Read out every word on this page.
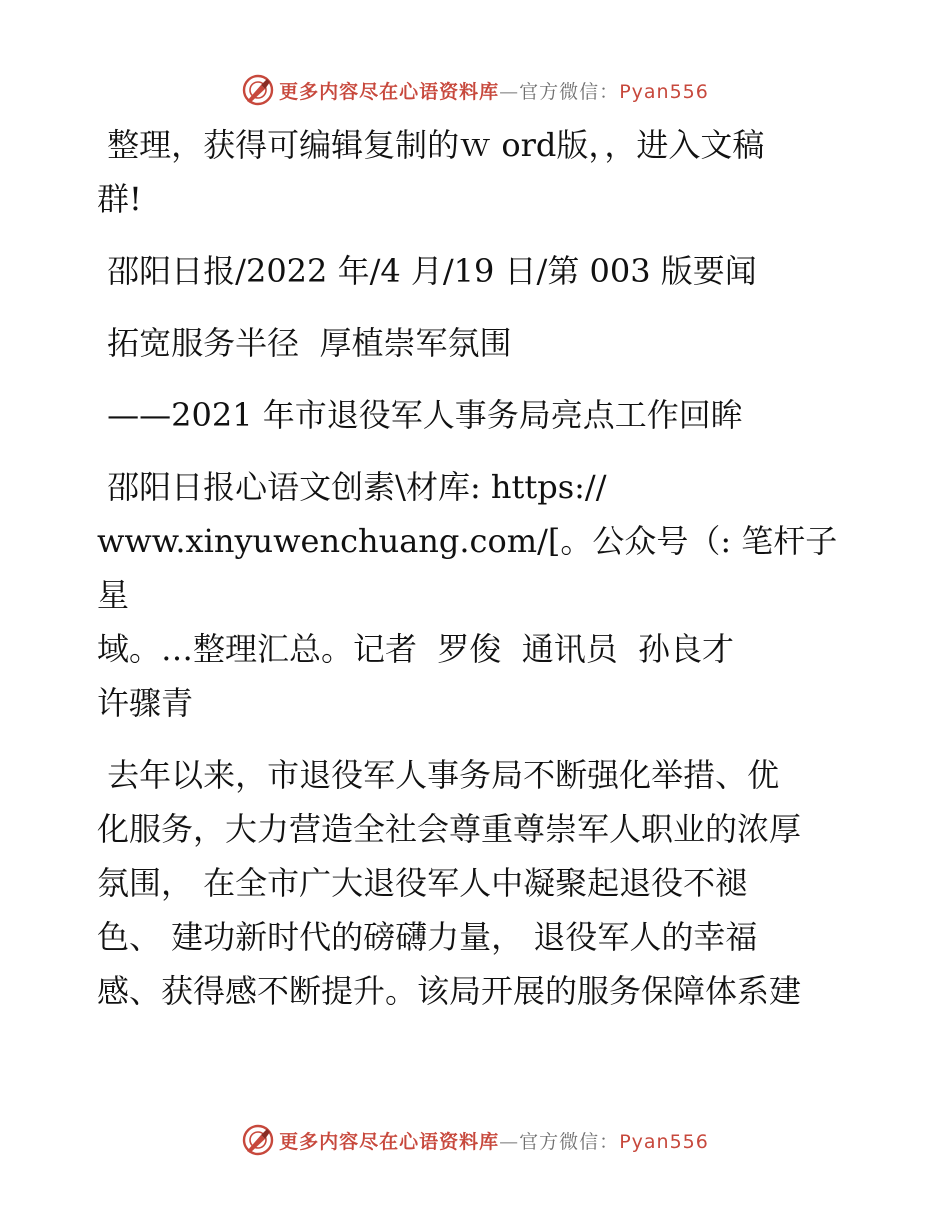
更多内容尽在心语资料库—官方微信：Pyan556

整理，获得可编辑复制的ｗ ord版，，进入文稿
群!

邵阳日报/2022 年/4 月/19 日/第 003 版要闻

拓宽服务半径  厚植崇军氛围

——2021 年市退役军人事务局亮点工作回眸

邵阳日报心语文创素\材库: https://
www.xinyuwenchuang.com/[。公众号（: 笔杆子星
域。…整理汇总。记者  罗俊  通讯员  孙良才
许骤青

去年以来，市退役军人事务局不断强化举措、优
化服务，大力营造全社会尊重尊崇军人职业的浓厚
氛围， 在全市广大退役军人中凝聚起退役不褪
色、 建功新时代的磅礴力量， 退役军人的幸福
感、获得感不断提升。该局开展的服务保障体系建

更多内容尽在心语资料库—官方微信：Pyan556
